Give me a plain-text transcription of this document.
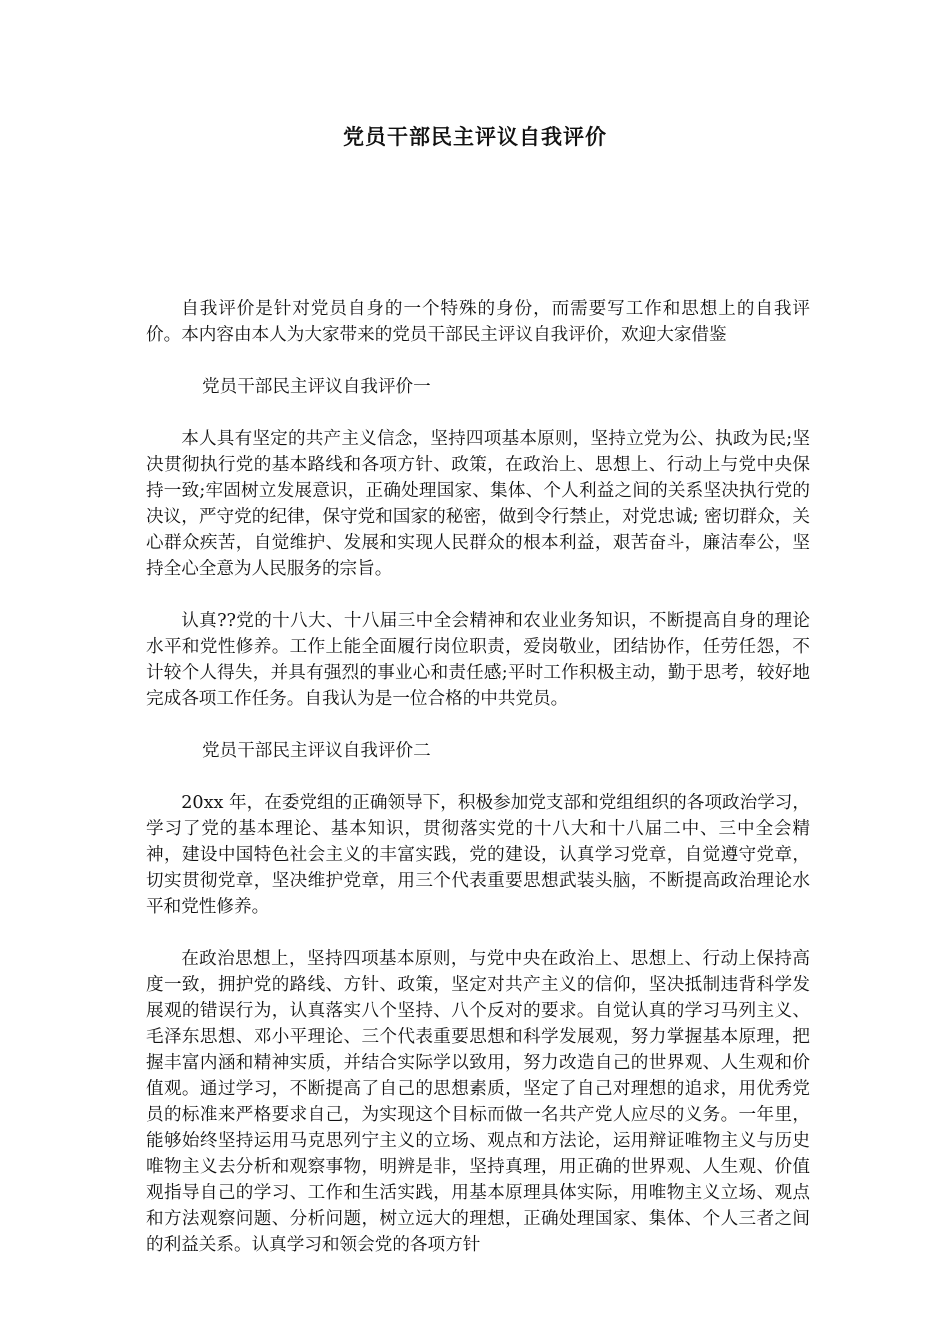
党员干部民主评议自我评价

自我评价是针对党员自身的一个特殊的身份，而需要写工作和思想上的自我评价。本内容由本人为大家带来的党员干部民主评议自我评价，欢迎大家借鉴

党员干部民主评议自我评价一

本人具有坚定的共产主义信念，坚持四项基本原则，坚持立党为公、执政为民;坚决贯彻执行党的基本路线和各项方针、政策，在政治上、思想上、行动上与党中央保持一致;牢固树立发展意识，正确处理国家、集体、个人利益之间的关系坚决执行党的决议，严守党的纪律，保守党和国家的秘密，做到令行禁止，对党忠诚; 密切群众，关心群众疾苦，自觉维护、发展和实现人民群众的根本利益，艰苦奋斗，廉洁奉公，坚持全心全意为人民服务的宗旨。

认真??党的十八大、十八届三中全会精神和农业业务知识，不断提高自身的理论水平和党性修养。工作上能全面履行岗位职责，爱岗敬业，团结协作，任劳任怨，不计较个人得失，并具有强烈的事业心和责任感;平时工作积极主动，勤于思考，较好地完成各项工作任务。自我认为是一位合格的中共党员。

党员干部民主评议自我评价二

20xx 年，在委党组的正确领导下，积极参加党支部和党组组织的各项政治学习，学习了党的基本理论、基本知识，贯彻落实党的十八大和十八届二中、三中全会精神，建设中国特色社会主义的丰富实践，党的建设，认真学习党章，自觉遵守党章，切实贯彻党章，坚决维护党章，用三个代表重要思想武装头脑，不断提高政治理论水平和党性修养。

在政治思想上，坚持四项基本原则，与党中央在政治上、思想上、行动上保持高度一致，拥护党的路线、方针、政策，坚定对共产主义的信仰，坚决抵制违背科学发展观的错误行为，认真落实八个坚持、八个反对的要求。自觉认真的学习马列主义、毛泽东思想、邓小平理论、三个代表重要思想和科学发展观，努力掌握基本原理，把握丰富内涵和精神实质，并结合实际学以致用，努力改造自己的世界观、人生观和价值观。通过学习，不断提高了自己的思想素质，坚定了自己对理想的追求，用优秀党员的标准来严格要求自己，为实现这个目标而做一名共产党人应尽的义务。一年里，能够始终坚持运用马克思列宁主义的立场、观点和方法论，运用辩证唯物主义与历史唯物主义去分析和观察事物，明辨是非，坚持真理，用正确的世界观、人生观、价值观指导自己的学习、工作和生活实践，用基本原理具体实际，用唯物主义立场、观点和方法观察问题、分析问题，树立远大的理想，正确处理国家、集体、个人三者之间的利益关系。认真学习和领会党的各项方针
